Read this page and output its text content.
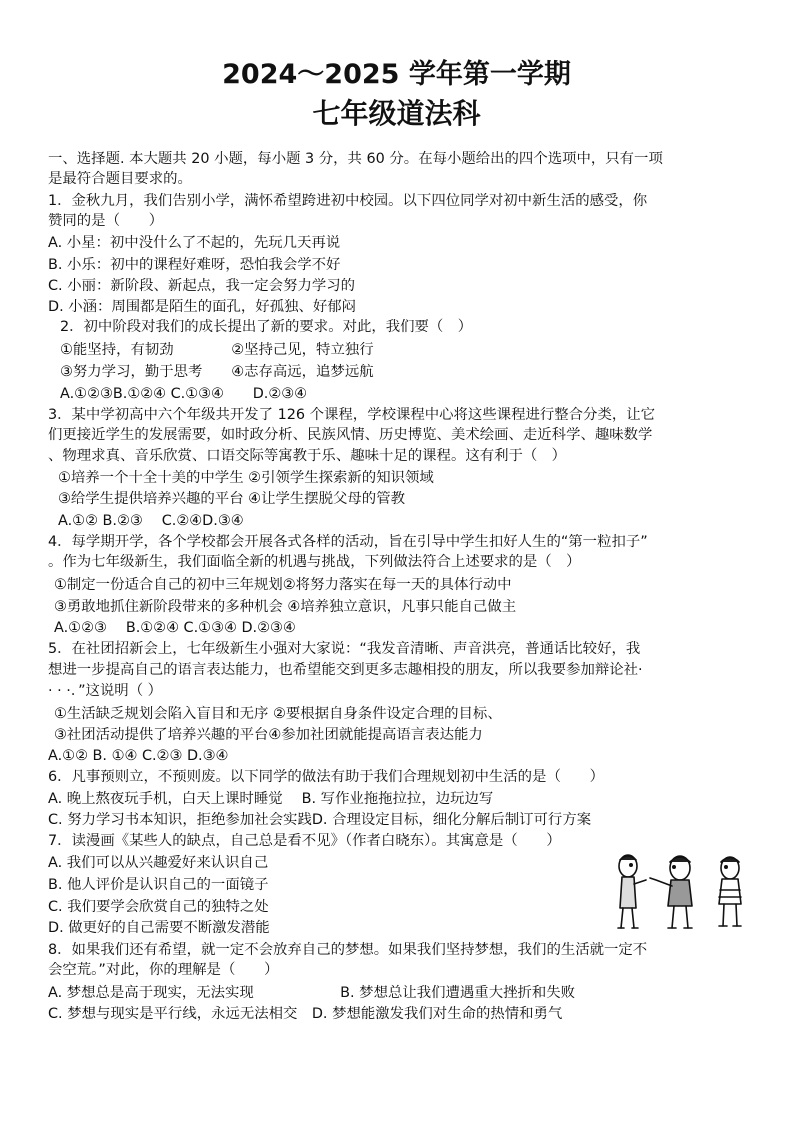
2024～2025 学年第一学期
七年级道法科
一、选择题. 本大题共 20 小题，每小题 3 分，共 60 分。在每小题给出的四个选项中，只有一项
是最符合题目要求的。
1．金秋九月，我们告别小学，满怀希望跨进初中校园。以下四位同学对初中新生活的感受，你
赞同的是（　　）
A. 小星：初中没什么了不起的，先玩几天再说
B. 小乐：初中的课程好难呀，恐怕我会学不好
C. 小丽：新阶段、新起点，我一定会努力学习的
D. 小涵：周围都是陌生的面孔，好孤独、好郁闷
2．初中阶段对我们的成长提出了新的要求。对此，我们要（　）
①能坚持，有韧劲　　　　②坚持己见，特立独行
③努力学习，勤于思考　　④志存高远，追梦远航
A.①②③B.①②④ C.①③④　　D.②③④
3．某中学初高中六个年级共开发了 126 个课程，学校课程中心将这些课程进行整合分类，让它
们更接近学生的发展需要，如时政分析、民族风情、历史博览、美术绘画、走近科学、趣味数学
、物理求真、音乐欣赏、口语交际等寓教于乐、趣味十足的课程。这有利于（　）
①培养一个十全十美的中学生 ②引领学生探索新的知识领域
③给学生提供培养兴趣的平台 ④让学生摆脱父母的管教
A.①② B.②③　 C.②④D.③④
4．每学期开学，各个学校都会开展各式各样的活动，旨在引导中学生扣好人生的“第一粒扣子”
。作为七年级新生，我们面临全新的机遇与挑战，下列做法符合上述要求的是（　）
①制定一份适合自己的初中三年规划②将努力落实在每一天的具体行动中
③勇敢地抓住新阶段带来的多种机会 ④培养独立意识，凡事只能自己做主
A.①②③　 B.①②④ C.①③④ D.②③④
5．在社团招新会上，七年级新生小强对大家说：“我发音清晰、声音洪亮，普通话比较好，我
想进一步提高自己的语言表达能力，也希望能交到更多志趣相投的朋友，所以我要参加辩论社·
· · ·．”这说明（ ）
①生活缺乏规划会陷入盲目和无序 ②要根据自身条件设定合理的目标、
③社团活动提供了培养兴趣的平台④参加社团就能提高语言表达能力
A.①② B. ①④ C.②③ D.③④
6．凡事预则立，不预则废。以下同学的做法有助于我们合理规划初中生活的是（　　）
A. 晚上熬夜玩手机，白天上课时睡觉　 B. 写作业拖拖拉拉，边玩边写
C. 努力学习书本知识，拒绝参加社会实践D. 合理设定目标，细化分解后制订可行方案
7．读漫画《某些人的缺点，自己总是看不见》（作者白晓东）。其寓意是（　　）
A. 我们可以从兴趣爱好来认识自己
B. 他人评价是认识自己的一面镜子
C. 我们要学会欣赏自己的独特之处
D. 做更好的自己需要不断激发潜能
8．如果我们还有希望，就一定不会放弃自己的梦想。如果我们坚持梦想，我们的生活就一定不
会空荒。”对此，你的理解是（　　）
A. 梦想总是高于现实，无法实现　　　　　　B. 梦想总让我们遭遇重大挫折和失败
C. 梦想与现实是平行线，永远无法相交　D. 梦想能激发我们对生命的热情和勇气
